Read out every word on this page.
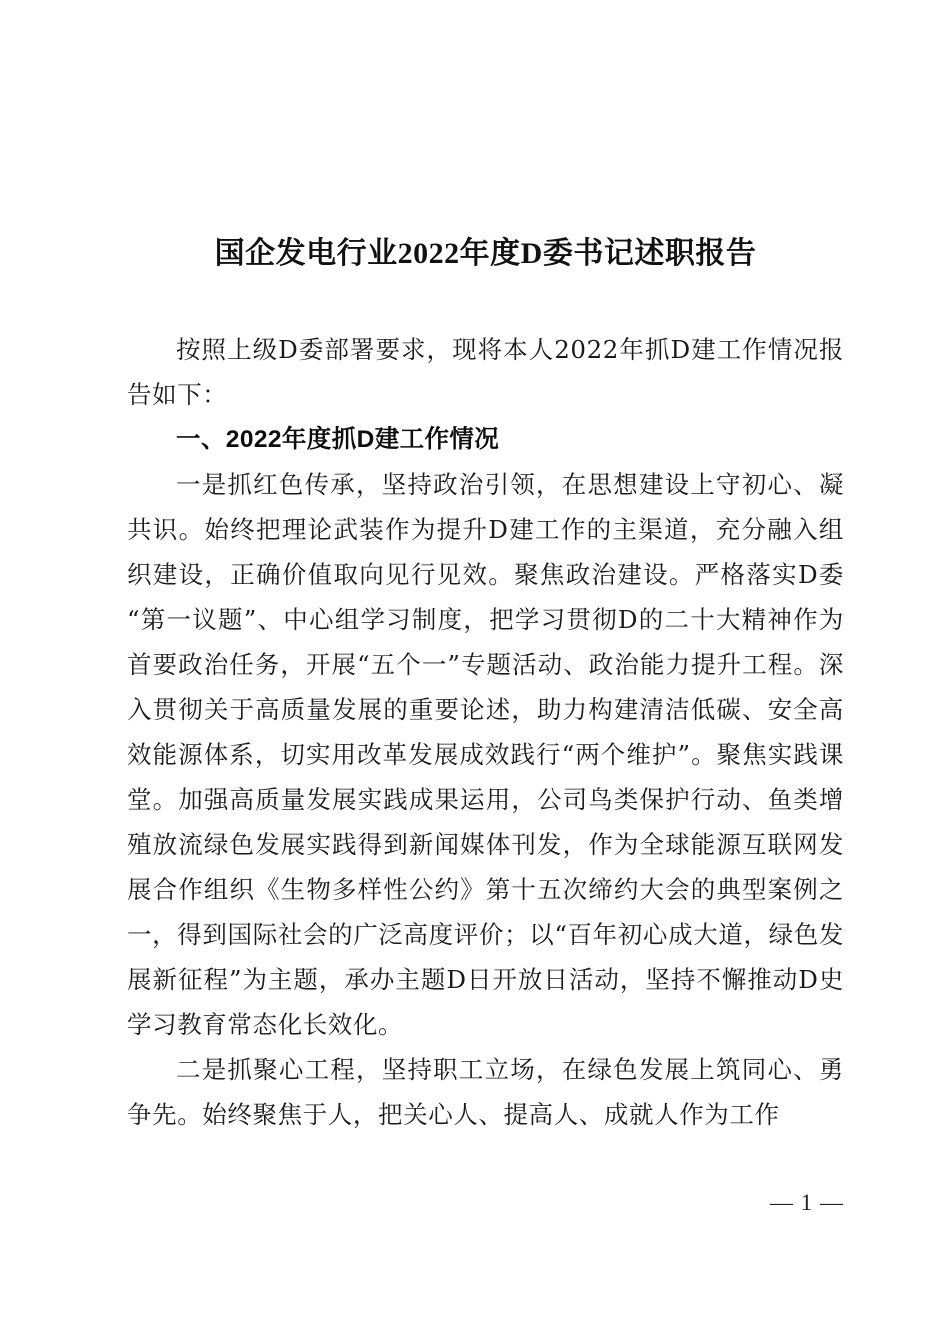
国企发电行业2022年度D委书记述职报告

按照上级D委部署要求，现将本人2022年抓D建工作情况报告如下：

一、2022年度抓D建工作情况

一是抓红色传承，坚持政治引领，在思想建设上守初心、凝共识。始终把理论武装作为提升D建工作的主渠道，充分融入组织建设，正确价值取向见行见效。聚焦政治建设。严格落实D委“第一议题”、中心组学习制度，把学习贯彻D的二十大精神作为首要政治任务，开展“五个一”专题活动、政治能力提升工程。深入贯彻关于高质量发展的重要论述，助力构建清洁低碳、安全高效能源体系，切实用改革发展成效践行“两个维护”。聚焦实践课堂。加强高质量发展实践成果运用，公司鸟类保护行动、鱼类增殖放流绿色发展实践得到新闻媒体刊发，作为全球能源互联网发展合作组织《生物多样性公约》第十五次缔约大会的典型案例之一，得到国际社会的广泛高度评价；以“百年初心成大道，绿色发展新征程”为主题，承办主题D日开放日活动，坚持不懈推动D史学习教育常态化长效化。

二是抓聚心工程，坚持职工立场，在绿色发展上筑同心、勇争先。始终聚焦于人，把关心人、提高人、成就人作为工作

— 1 —
